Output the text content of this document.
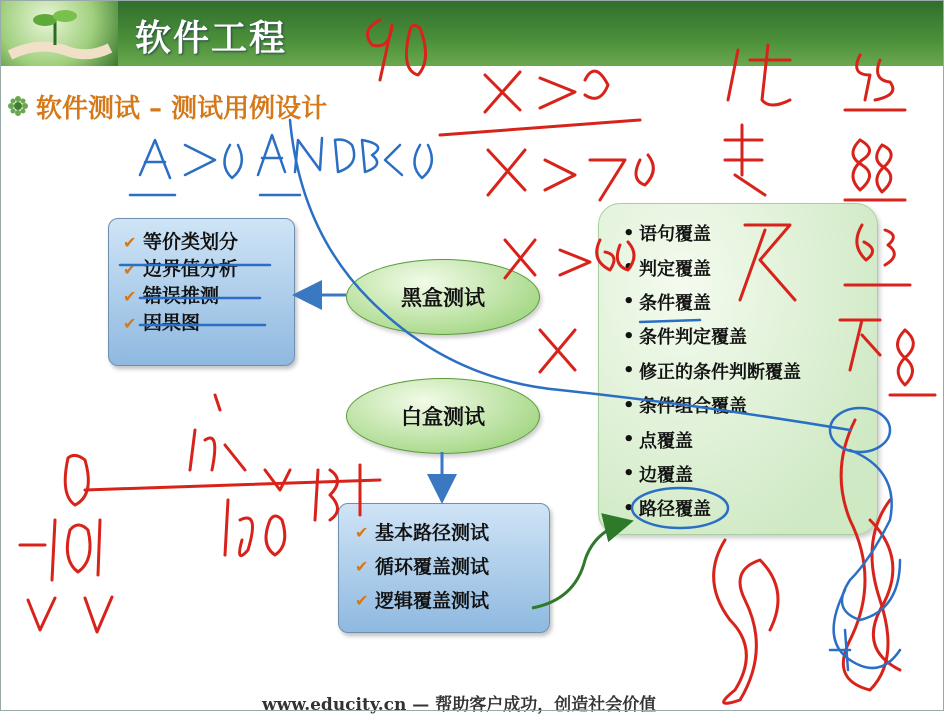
软件工程
软件测试 – 测试用例设计
✔ 等价类划分
✔ 边界值分析
✔ 错误推测
✔ 因果图
黑盒测试
白盒测试
✔ 基本路径测试
✔ 循环覆盖测试
✔ 逻辑覆盖测试
• 语句覆盖
• 判定覆盖
• 条件覆盖
• 条件判定覆盖
• 修正的条件判断覆盖
• 条件组合覆盖
• 点覆盖
• 边覆盖
• 路径覆盖
www.educity.cn — 帮助客户成功，创造社会价值
